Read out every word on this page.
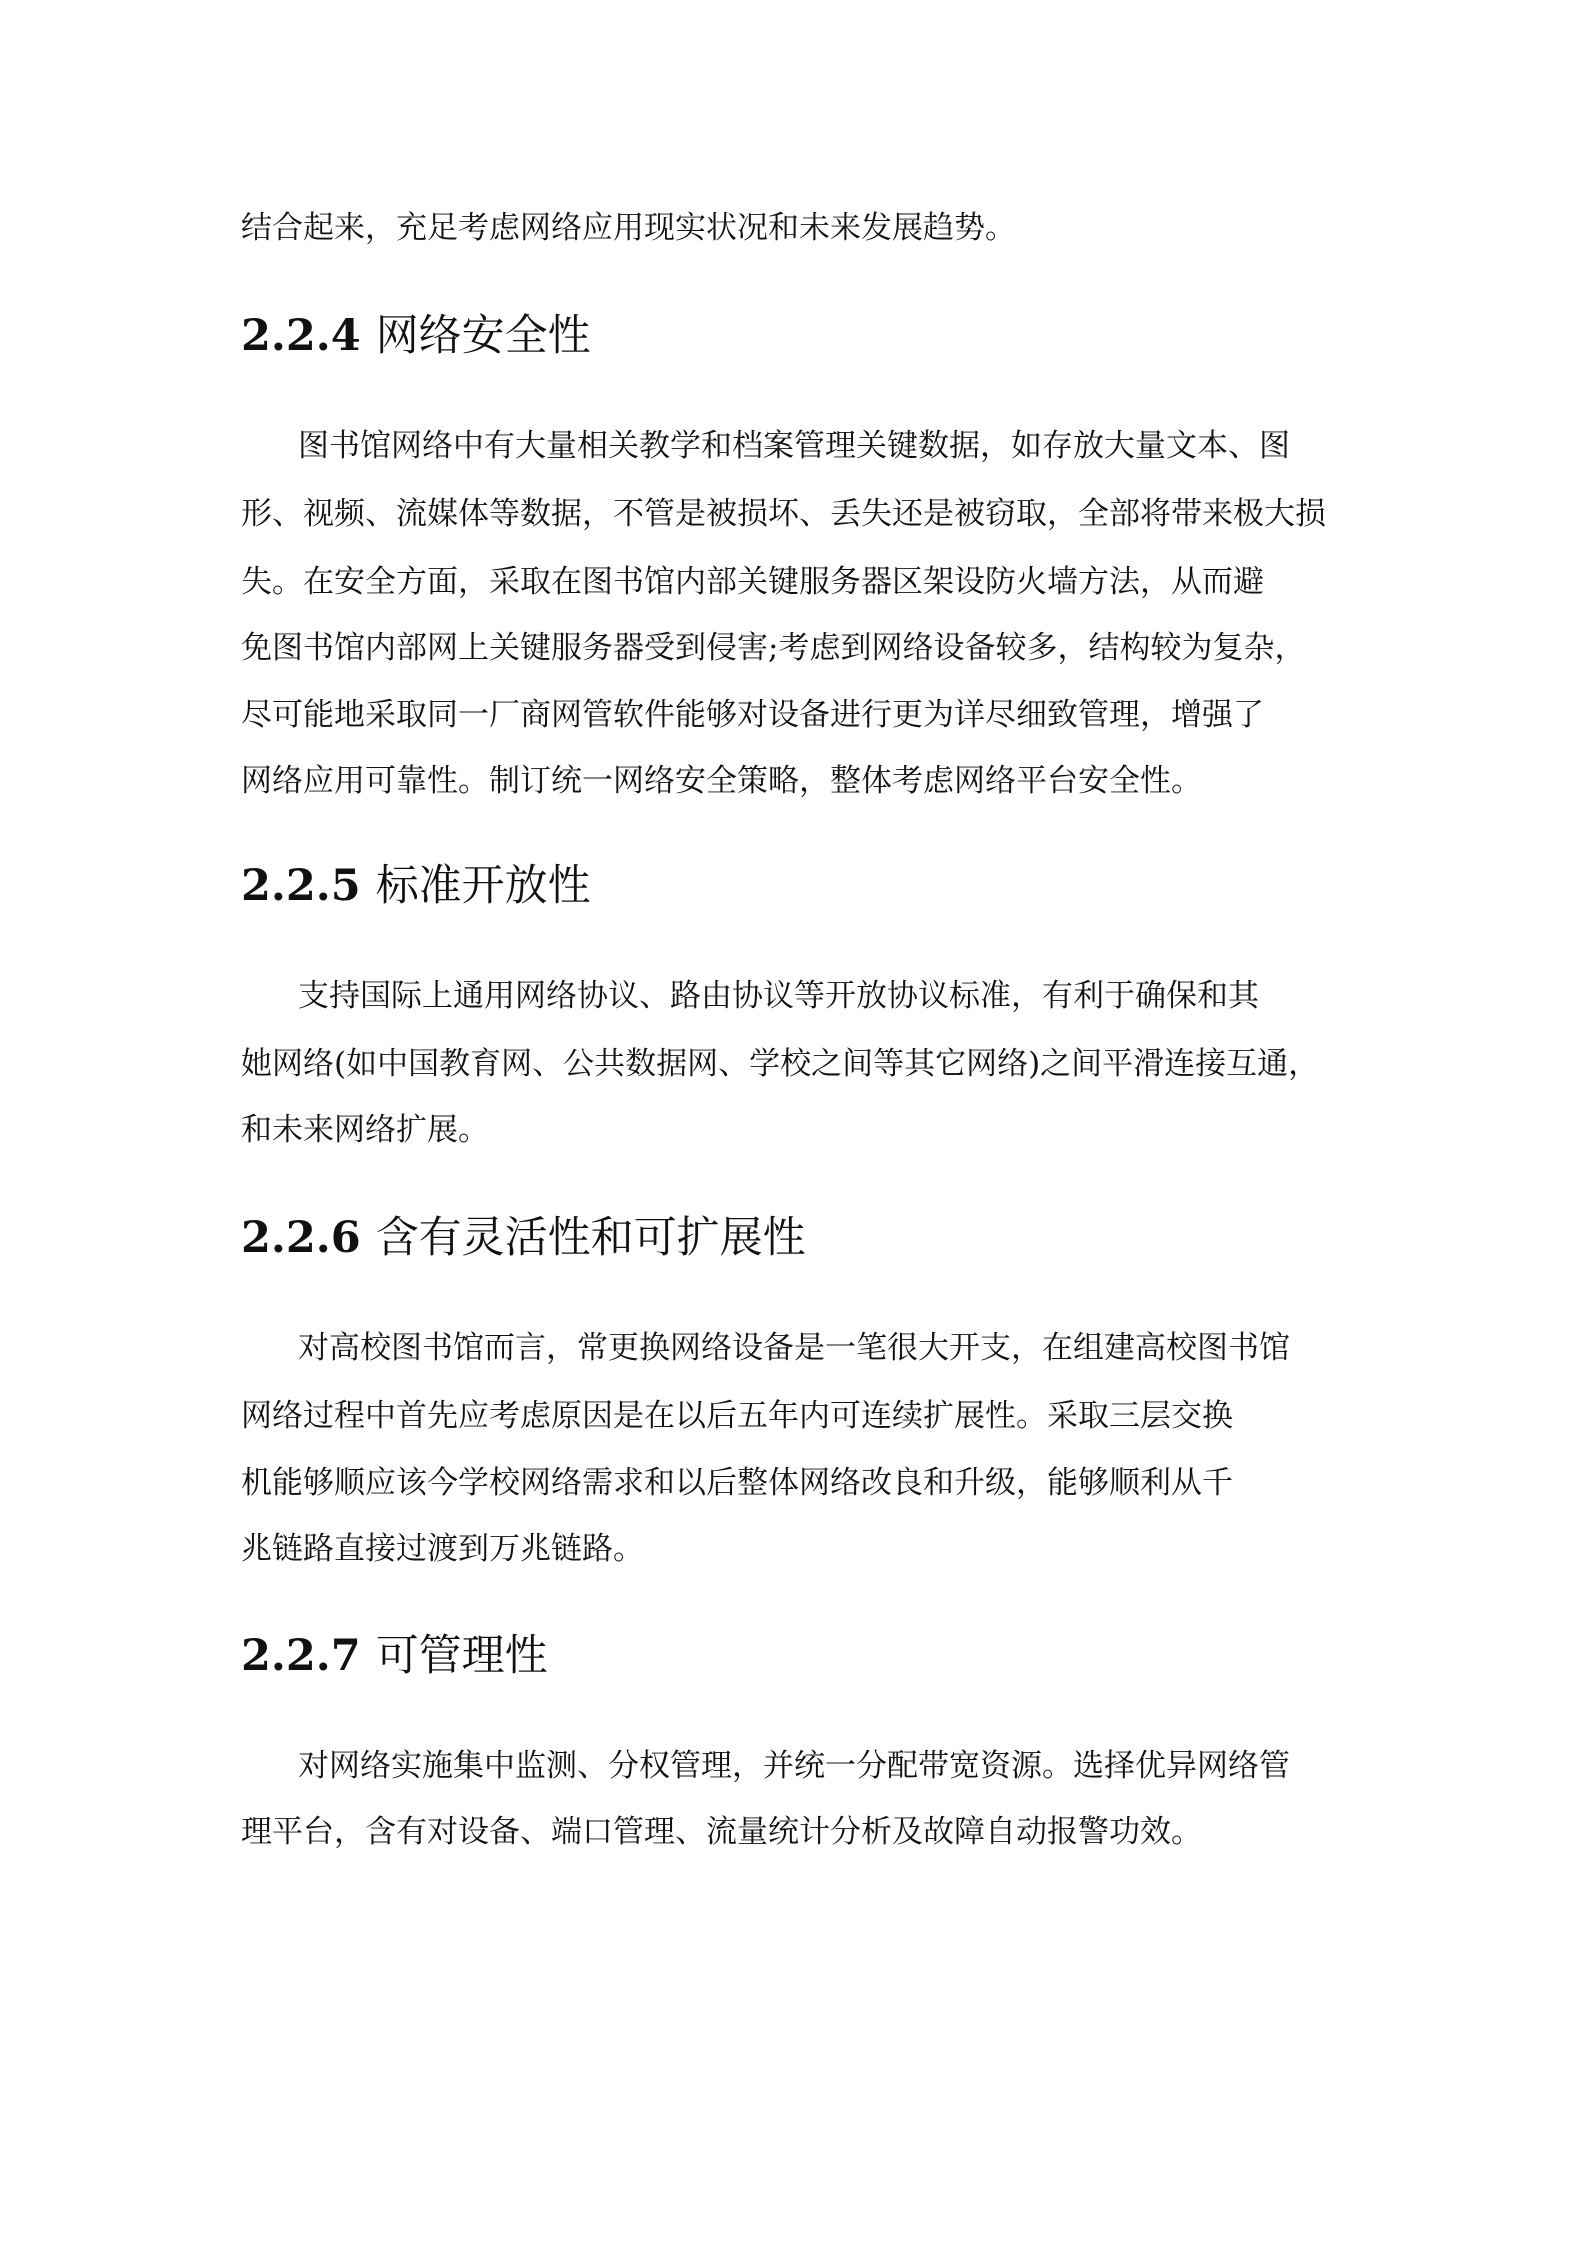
结合起来，充足考虑网络应用现实状况和未来发展趋势。

2.2.4 网络安全性

图书馆网络中有大量相关教学和档案管理关键数据，如存放大量文本、图

形、视频、流媒体等数据，不管是被损坏、丢失还是被窃取，全部将带来极大损

失。在安全方面，采取在图书馆内部关键服务器区架设防火墙方法，从而避

免图书馆内部网上关键服务器受到侵害;考虑到网络设备较多，结构较为复杂，

尽可能地采取同一厂商网管软件能够对设备进行更为详尽细致管理，增强了

网络应用可靠性。制订统一网络安全策略，整体考虑网络平台安全性。

2.2.5 标准开放性

支持国际上通用网络协议、路由协议等开放协议标准，有利于确保和其

她网络(如中国教育网、公共数据网、学校之间等其它网络)之间平滑连接互通，

和未来网络扩展。

2.2.6 含有灵活性和可扩展性

对高校图书馆而言，常更换网络设备是一笔很大开支，在组建高校图书馆

网络过程中首先应考虑原因是在以后五年内可连续扩展性。采取三层交换

机能够顺应该今学校网络需求和以后整体网络改良和升级，能够顺利从千

兆链路直接过渡到万兆链路。

2.2.7 可管理性

对网络实施集中监测、分权管理，并统一分配带宽资源。选择优异网络管

理平台，含有对设备、端口管理、流量统计分析及故障自动报警功效。
